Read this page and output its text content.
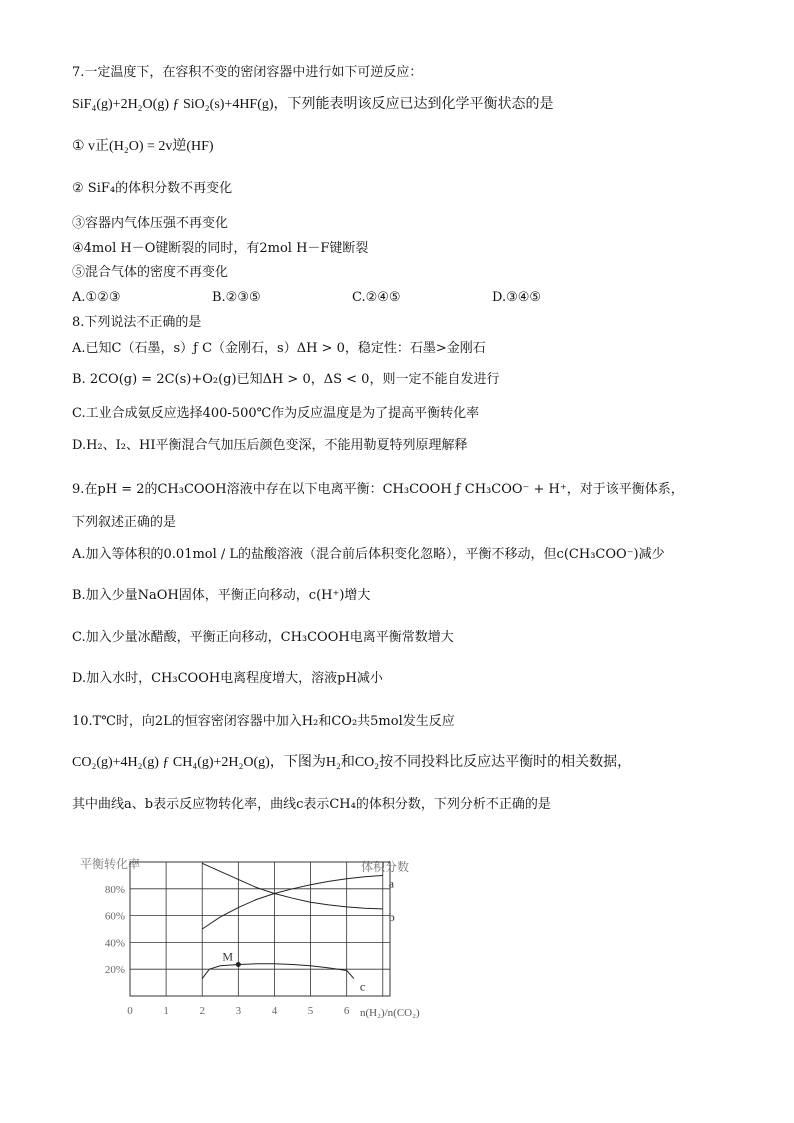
7.一定温度下，在容积不变的密闭容器中进行如下可逆反应：
SiF₄(g)+2H₂O(g) ƒ SiO₂(s)+4HF(g)，下列能表明该反应已达到化学平衡状态的是
① v正(H₂O) = 2v逆(HF)
② SiF₄的体积分数不再变化
③容器内气体压强不再变化
④4mol H－O键断裂的同时，有2mol H－F键断裂
⑤混合气体的密度不再变化
A.①②③	B.②③⑤	C.②④⑤	D.③④⑤
8.下列说法不正确的是
A.已知C（石墨，s）ƒ C（金刚石，s）ΔH > 0，稳定性：石墨>金刚石
B. 2CO(g) = 2C(s)+O₂(g)已知ΔH > 0，ΔS < 0，则一定不能自发进行
C.工业合成氨反应选择400-500℃作为反应温度是为了提高平衡转化率
D.H₂、I₂、HI平衡混合气加压后颜色变深，不能用勒夏特列原理解释
9.在pH = 2的CH₃COOH溶液中存在以下电离平衡：CH₃COOH ƒ CH₃COO⁻ + H⁺，对于该平衡体系，
下列叙述正确的是
A.加入等体积的0.01mol / L的盐酸溶液（混合前后体积变化忽略），平衡不移动，但c(CH₃COO⁻)减少
B.加入少量NaOH固体，平衡正向移动，c(H⁺)增大
C.加入少量冰醋酸，平衡正向移动，CH₃COOH电离平衡常数增大
D.加入水时，CH₃COOH电离程度增大，溶液pH减小
10.T℃时，向2L的恒容密闭容器中加入H₂和CO₂共5mol发生反应
CO₂(g)+4H₂(g) ƒ CH₄(g)+2H₂O(g)，下图为H₂和CO₂按不同投料比反应达平衡时的相关数据，
其中曲线a、b表示反应物转化率，曲线c表示CH₄的体积分数，下列分析不正确的是
平衡转化率	体积分数
20%
40%
60%
80%
0	1	2	3	4	5	6
a
b
c
M
n(H₂)/n(CO₂)
